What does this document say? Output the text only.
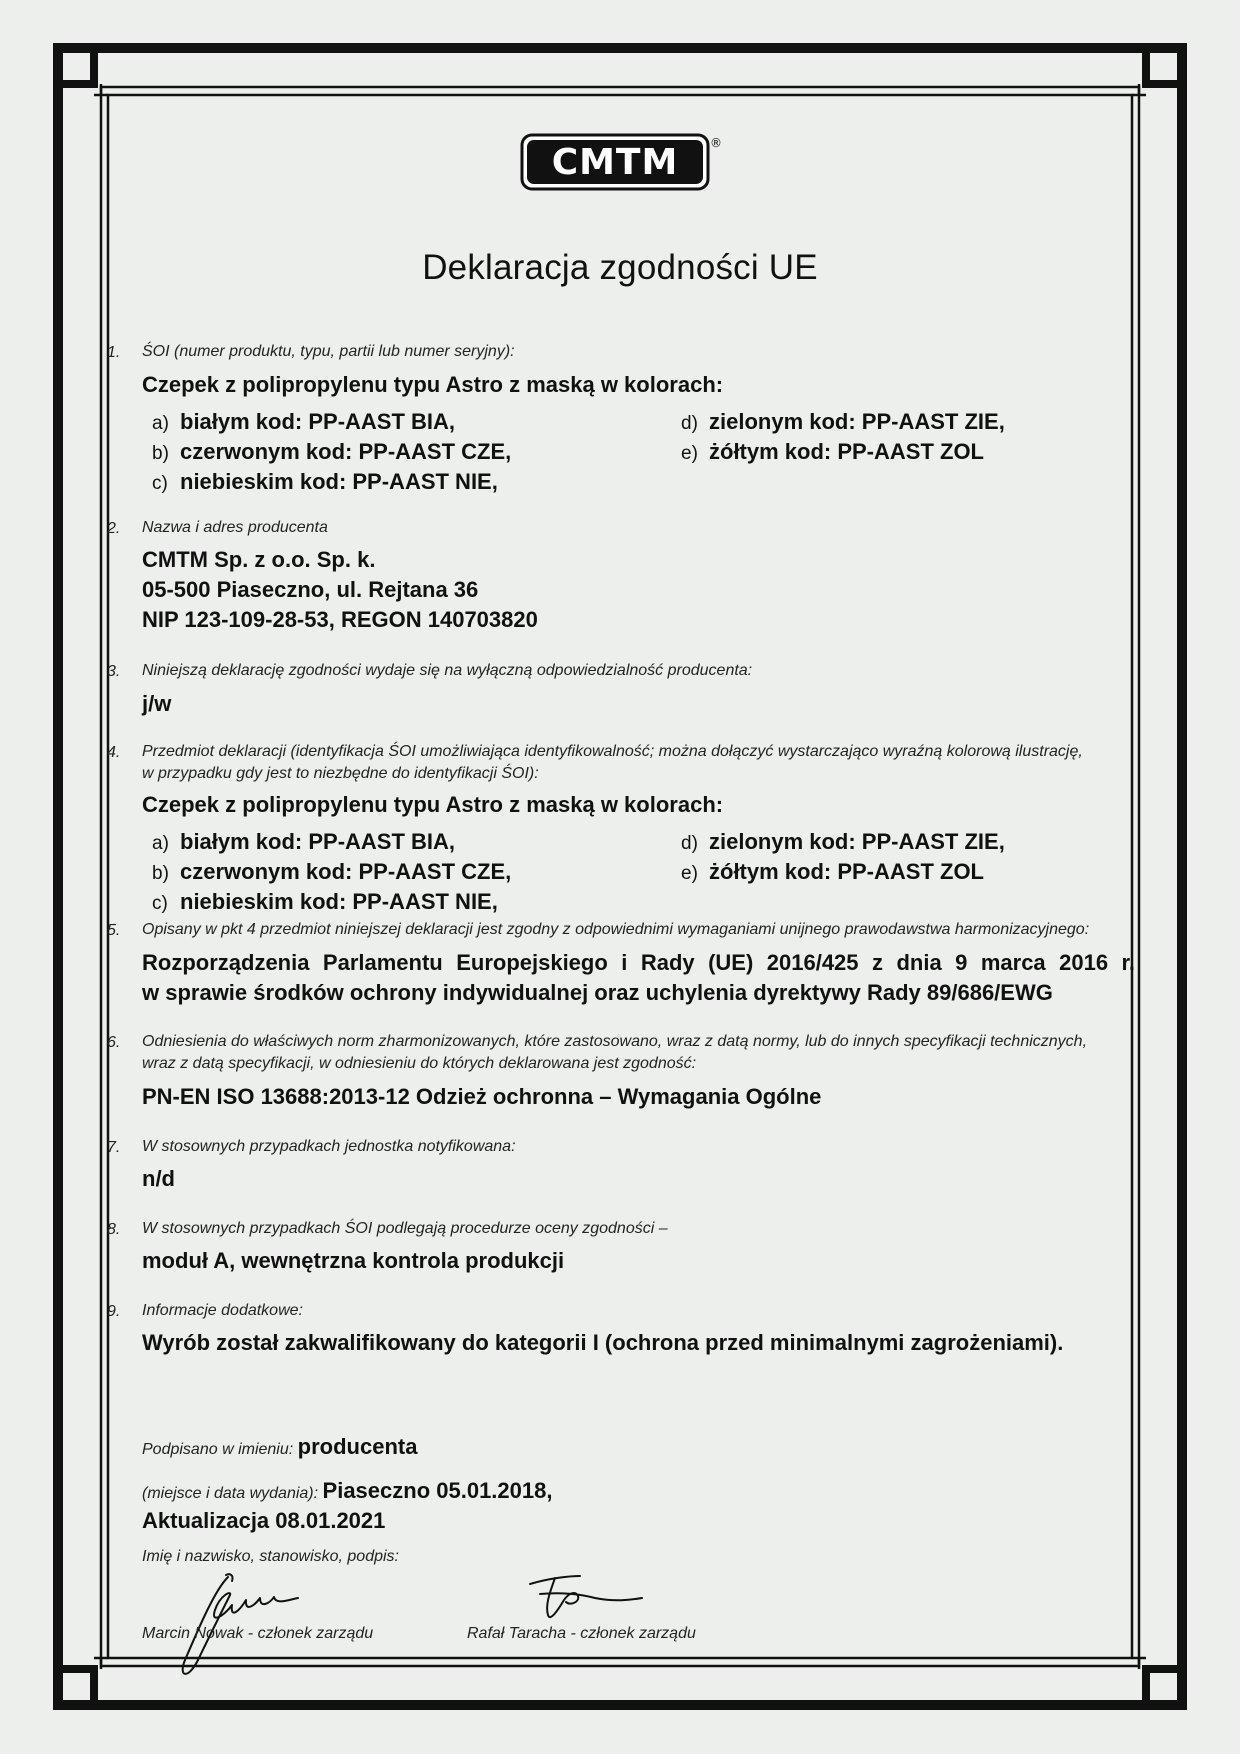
CMTM	®
Deklaracja zgodności UE
1. ŚOI (numer produktu, typu, partii lub numer seryjny):
Czepek z polipropylenu typu Astro z maską w kolorach:
a) białym kod: PP-AAST BIA,
b) czerwonym kod: PP-AAST CZE,
c) niebieskim kod: PP-AAST NIE,
d) zielonym kod: PP-AAST ZIE,
e) żółtym kod: PP-AAST ZOL
2. Nazwa i adres producenta
CMTM Sp. z o.o. Sp. k.
05-500 Piaseczno, ul. Rejtana 36
NIP 123-109-28-53, REGON 140703820
3. Niniejszą deklarację zgodności wydaje się na wyłączną odpowiedzialność producenta:
j/w
4. Przedmiot deklaracji (identyfikacja ŚOI umożliwiająca identyfikowalność; można dołączyć wystarczająco wyraźną kolorową ilustrację,
w przypadku gdy jest to niezbędne do identyfikacji ŚOI):
Czepek z polipropylenu typu Astro z maską w kolorach:
a) białym kod: PP-AAST BIA,
b) czerwonym kod: PP-AAST CZE,
c) niebieskim kod: PP-AAST NIE,
d) zielonym kod: PP-AAST ZIE,
e) żółtym kod: PP-AAST ZOL
5. Opisany w pkt 4 przedmiot niniejszej deklaracji jest zgodny z odpowiednimi wymaganiami unijnego prawodawstwa harmonizacyjnego:
Rozporządzenia Parlamentu Europejskiego i Rady (UE) 2016/425 z dnia 9 marca 2016 r.
w sprawie środków ochrony indywidualnej oraz uchylenia dyrektywy Rady 89/686/EWG
6. Odniesienia do właściwych norm zharmonizowanych, które zastosowano, wraz z datą normy, lub do innych specyfikacji technicznych,
wraz z datą specyfikacji, w odniesieniu do których deklarowana jest zgodność:
PN-EN ISO 13688:2013-12 Odzież ochronna – Wymagania Ogólne
7. W stosownych przypadkach jednostka notyfikowana:
n/d
8. W stosownych przypadkach ŚOI podlegają procedurze oceny zgodności –
moduł A, wewnętrzna kontrola produkcji
9. Informacje dodatkowe:
Wyrób został zakwalifikowany do kategorii I (ochrona przed minimalnymi zagrożeniami).
Podpisano w imieniu: producenta
(miejsce i data wydania): Piaseczno 05.01.2018,
Aktualizacja 08.01.2021
Imię i nazwisko, stanowisko, podpis:
Marcin Nowak - członek zarządu	Rafał Taracha - członek zarządu
